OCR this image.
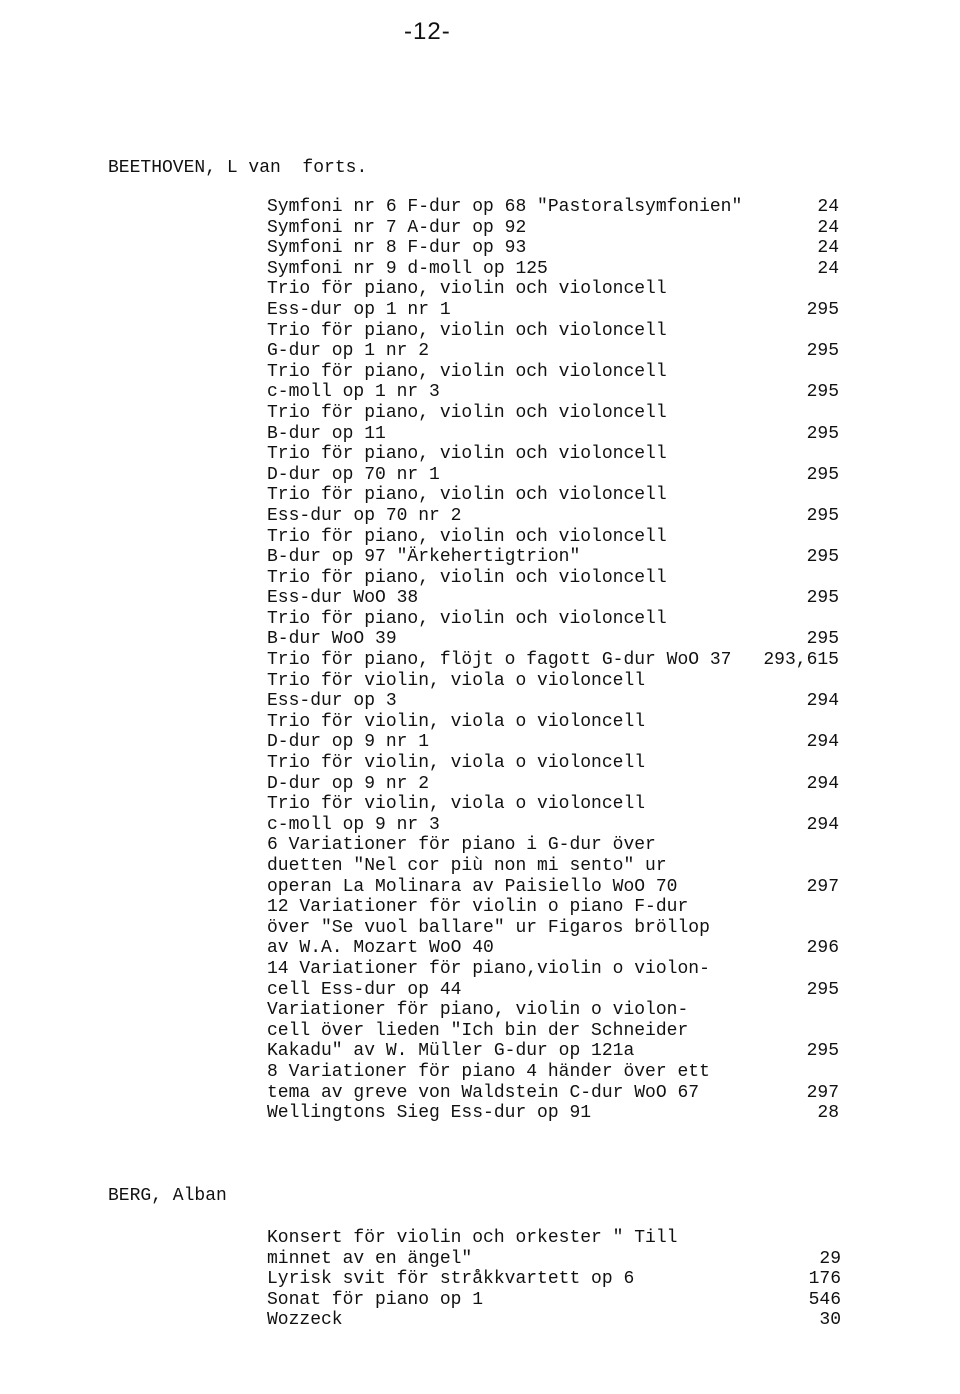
-12-
BEETHOVEN, L van  forts.
Symfoni nr 6 F-dur op 68 "Pastoralsymfonien"	24
Symfoni nr 7 A-dur op 92	24
Symfoni nr 8 F-dur op 93	24
Symfoni nr 9 d-moll op 125	24
Trio för piano, violin och violoncell
Ess-dur op 1 nr 1	295
Trio för piano, violin och violoncell
G-dur op 1 nr 2	295
Trio för piano, violin och violoncell
c-moll op 1 nr 3	295
Trio för piano, violin och violoncell
B-dur op 11	295
Trio för piano, violin och violoncell
D-dur op 70 nr 1	295
Trio för piano, violin och violoncell
Ess-dur op 70 nr 2	295
Trio för piano, violin och violoncell
B-dur op 97 "Ärkehertigtrion"	295
Trio för piano, violin och violoncell
Ess-dur WoO 38	295
Trio för piano, violin och violoncell
B-dur WoO 39	295
Trio för piano, flöjt o fagott G-dur WoO 37 293,615
Trio för violin, viola o violoncell
Ess-dur op 3	294
Trio för violin, viola o violoncell
D-dur op 9 nr 1	294
Trio för violin, viola o violoncell
D-dur op 9 nr 2	294
Trio för violin, viola o violoncell
c-moll op 9 nr 3	294
6 Variationer för piano i G-dur över
duetten "Nel cor più non mi sento" ur
operan La Molinara av Paisiello WoO 70	297
12 Variationer för violin o piano F-dur
över "Se vuol ballare" ur Figaros bröllop
av W.A. Mozart WoO 40	296
14 Variationer för piano,violin o violon-
cell Ess-dur op 44	295
Variationer för piano, violin o violon-
cell över lieden "Ich bin der Schneider
Kakadu" av W. Müller G-dur op 121a	295
8 Variationer för piano 4 händer över ett
tema av greve von Waldstein C-dur WoO 67	297
Wellingtons Sieg Ess-dur op 91	28
BERG, Alban
Konsert för violin och orkester " Till
minnet av en ängel"	29
Lyrisk svit för stråkkvartett op 6	176
Sonat för piano op 1	546
Wozzeck	30
